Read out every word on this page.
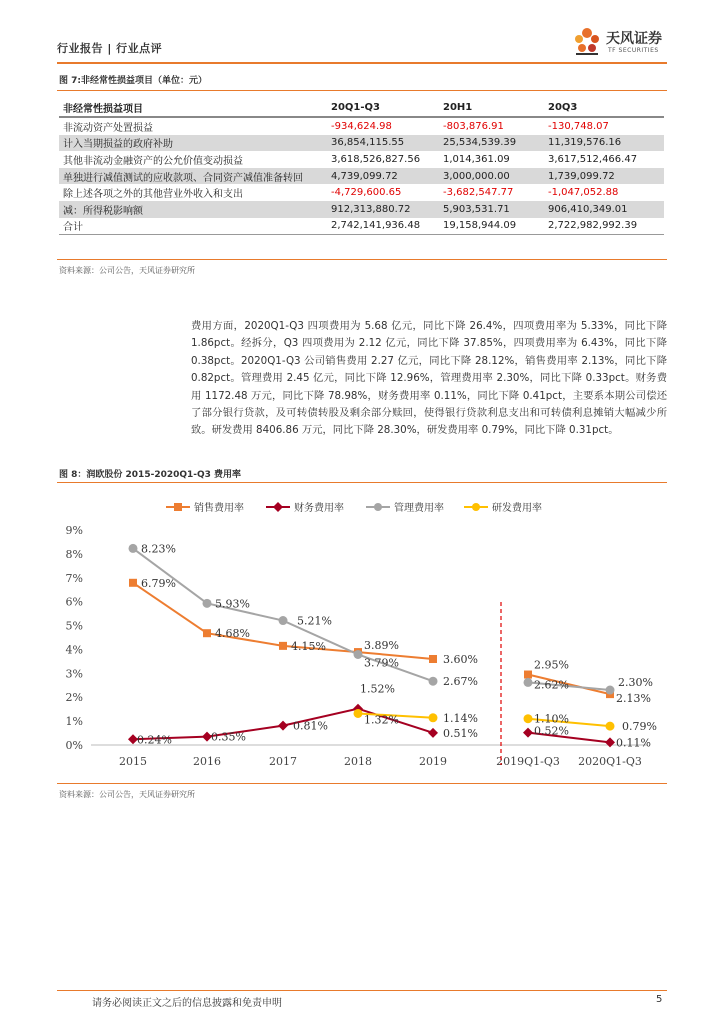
行业报告 | 行业点评
天风证券
TF SECURITIES
图 7:非经常性损益项目（单位：元）
非经常性损益项目	20Q1-Q3	20H1	20Q3
非流动资产处置损益	-934,624.98	-803,876.91	-130,748.07
计入当期损益的政府补助	36,854,115.55	25,534,539.39	11,319,576.16
其他非流动金融资产的公允价值变动损益	3,618,526,827.56	1,014,361.09	3,617,512,466.47
单独进行减值测试的应收款项、合同资产减值准备转回	4,739,099.72	3,000,000.00	1,739,099.72
除上述各项之外的其他营业外收入和支出	-4,729,600.65	-3,682,547.77	-1,047,052.88
减：所得税影响额	912,313,880.72	5,903,531.71	906,410,349.01
合计	2,742,141,936.48	19,158,944.09	2,722,982,992.39
资料来源：公司公告，天风证券研究所
费用方面，2020Q1-Q3 四项费用为 5.68 亿元，同比下降 26.4%，四项费用率为 5.33%，同比下降 1.86pct。经拆分，Q3 四项费用为 2.12 亿元，同比下降 37.85%，四项费用率为 6.43%，同比下降 0.38pct。2020Q1-Q3 公司销售费用 2.27 亿元，同比下降 28.12%，销售费用率 2.13%，同比下降 0.82pct。管理费用 2.45 亿元，同比下降 12.96%，管理费用率 2.30%，同比下降 0.33pct。财务费用 1172.48 万元，同比下降 78.98%，财务费用率 0.11%，同比下降 0.41pct，主要系本期公司偿还了部分银行贷款，及可转债转股及剩余部分赎回，使得银行贷款利息支出和可转债利息摊销大幅减少所致。研发费用 8406.86 万元，同比下降 28.30%，研发费用率 0.79%，同比下降 0.31pct。
图 8：润欧股份 2015-2020Q1-Q3 费用率
销售费用率	财务费用率	管理费用率	研发费用率
0%
1%
2%
3%
4%
5%
6%
7%
8%
9%
2015	2016	2017	2018	2019	2019Q1-Q3 2020Q1-Q3
6.79%
4.68%
4.15%	3.89%
3.60%	2.95%
2.13%
0.24%	0.35%
0.81%
1.52%
0.51%	0.52%
0.11%
8.23%
5.93%
5.21%
3.79%
2.67%	2.62%	2.30%
1.32%	1.14%	1.10%
0.79%
资料来源：公司公告，天风证券研究所
请务必阅读正文之后的信息披露和免责申明	5
